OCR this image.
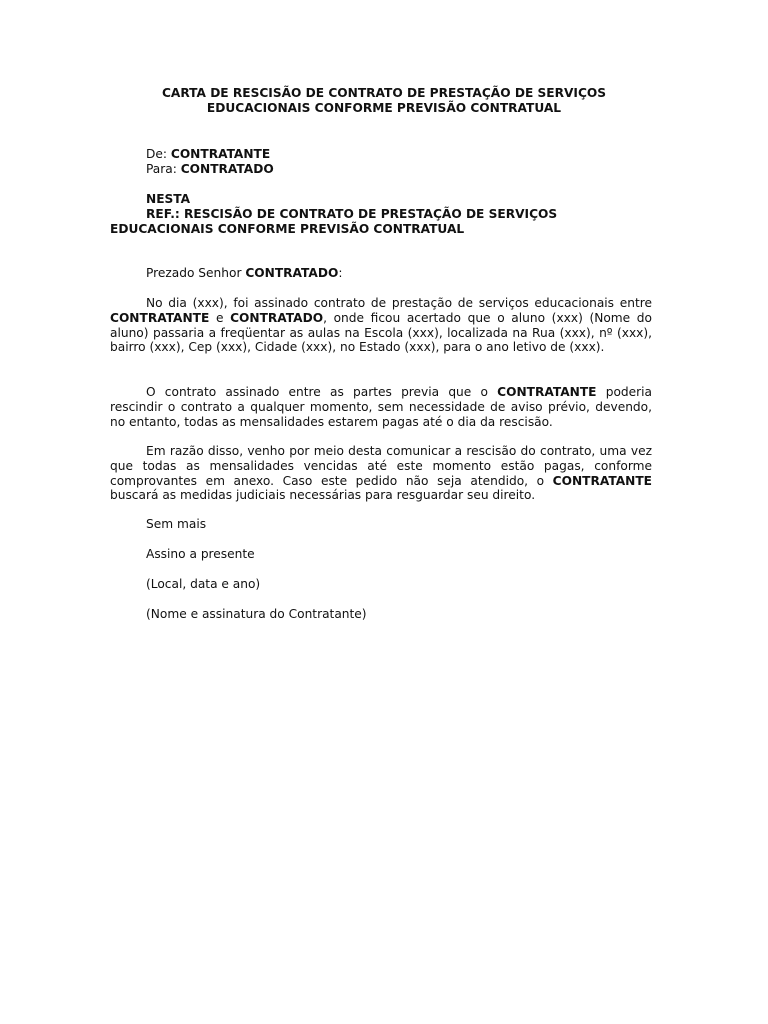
CARTA DE RESCISÃO DE CONTRATO DE PRESTAÇÃO DE SERVIÇOS
EDUCACIONAIS CONFORME PREVISÃO CONTRATUAL
De: CONTRATANTE
Para: CONTRATADO
NESTA
REF.: RESCISÃO DE CONTRATO DE PRESTAÇÃO DE SERVIÇOS
EDUCACIONAIS CONFORME PREVISÃO CONTRATUAL
Prezado Senhor CONTRATADO:
No dia (xxx), foi assinado contrato de prestação de serviços educacionais entre CONTRATANTE e CONTRATADO, onde ficou acertado que o aluno (xxx) (Nome do aluno) passaria a freqüentar as aulas na Escola (xxx), localizada na Rua (xxx), nº (xxx), bairro (xxx), Cep (xxx), Cidade (xxx), no Estado (xxx), para o ano letivo de (xxx).
O contrato assinado entre as partes previa que o CONTRATANTE poderia rescindir o contrato a qualquer momento, sem necessidade de aviso prévio, devendo, no entanto, todas as mensalidades estarem pagas até o dia da rescisão.
Em razão disso, venho por meio desta comunicar a rescisão do contrato, uma vez que todas as mensalidades vencidas até este momento estão pagas, conforme comprovantes em anexo. Caso este pedido não seja atendido, o CONTRATANTE buscará as medidas judiciais necessárias para resguardar seu direito.
Sem mais
Assino a presente
(Local, data e ano)
(Nome e assinatura do Contratante)
